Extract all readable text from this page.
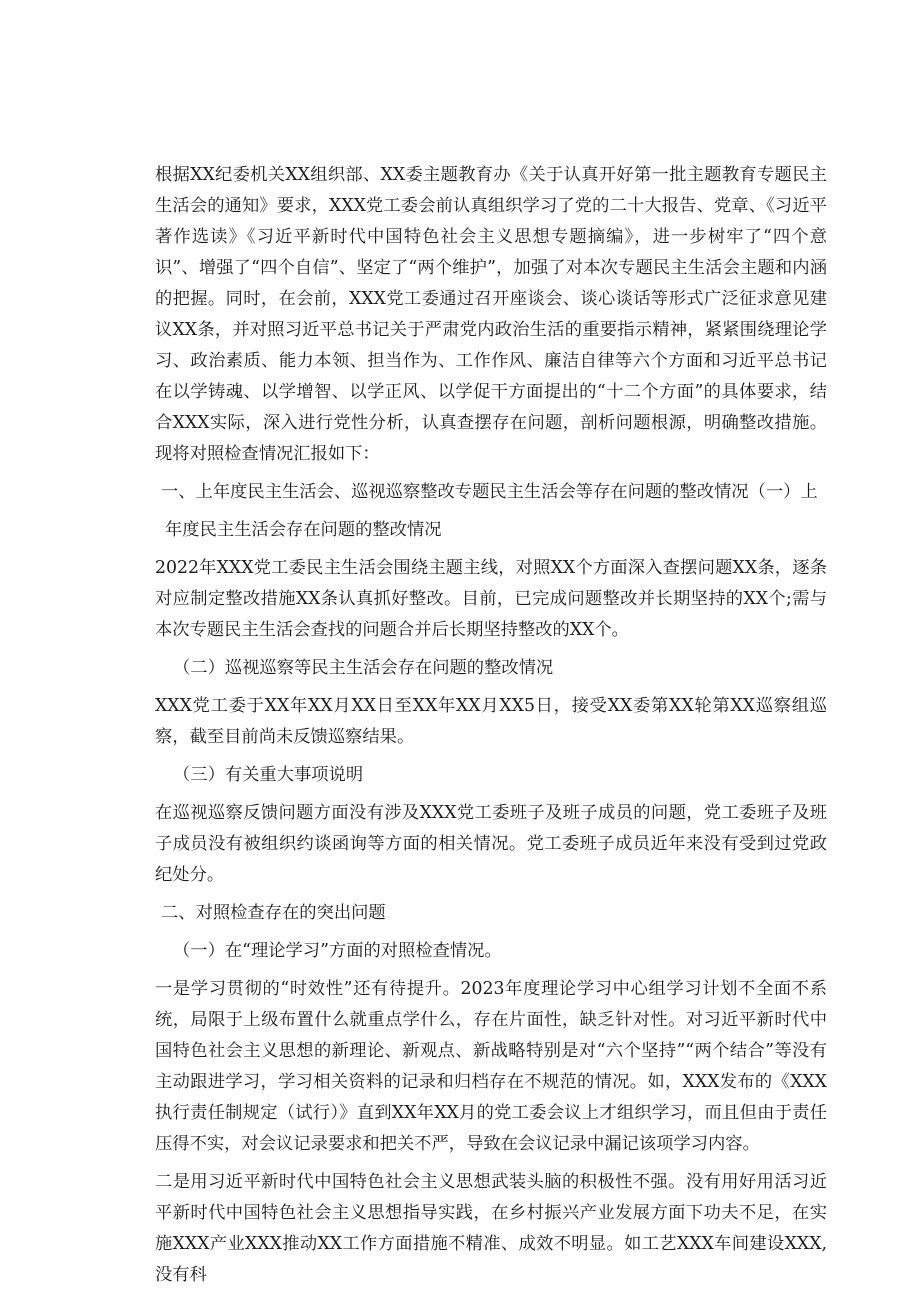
根据XX纪委机关XX组织部、XX委主题教育办《关于认真开好第一批主题教育专题民主生活会的通知》要求，XXX党工委会前认真组织学习了党的二十大报告、党章、《习近平著作选读》《习近平新时代中国特色社会主义思想专题摘编》，进一步树牢了“四个意识”、增强了“四个自信”、坚定了“两个维护”，加强了对本次专题民主生活会主题和内涵的把握。同时，在会前，XXX党工委通过召开座谈会、谈心谈话等形式广泛征求意见建议XX条，并对照习近平总书记关于严肃党内政治生活的重要指示精神，紧紧围绕理论学习、政治素质、能力本领、担当作为、工作作风、廉洁自律等六个方面和习近平总书记在以学铸魂、以学增智、以学正风、以学促干方面提出的“十二个方面”的具体要求，结合XXX实际，深入进行党性分析，认真查摆存在问题，剖析问题根源，明确整改措施。现将对照检查情况汇报如下：

一、上年度民主生活会、巡视巡察整改专题民主生活会等存在问题的整改情况（一）上

年度民主生活会存在问题的整改情况

2022年XXX党工委民主生活会围绕主题主线，对照XX个方面深入查摆问题XX条，逐条对应制定整改措施XX条认真抓好整改。目前，已完成问题整改并长期坚持的XX个;需与本次专题民主生活会查找的问题合并后长期坚持整改的XX个。

（二）巡视巡察等民主生活会存在问题的整改情况

XXX党工委于XX年XX月XX日至XX年XX月XX5日，接受XX委第XX轮第XX巡察组巡察，截至目前尚未反馈巡察结果。

（三）有关重大事项说明

在巡视巡察反馈问题方面没有涉及XXX党工委班子及班子成员的问题，党工委班子及班子成员没有被组织约谈函询等方面的相关情况。党工委班子成员近年来没有受到过党政纪处分。

二、对照检查存在的突出问题

（一）在“理论学习”方面的对照检查情况。

一是学习贯彻的“时效性”还有待提升。2023年度理论学习中心组学习计划不全面不系统，局限于上级布置什么就重点学什么，存在片面性，缺乏针对性。对习近平新时代中国特色社会主义思想的新理论、新观点、新战略特别是对“六个坚持”“两个结合”等没有主动跟进学习，学习相关资料的记录和归档存在不规范的情况。如，XXX发布的《XXX执行责任制规定（试行）》直到XX年XX月的党工委会议上才组织学习，而且但由于责任压得不实，对会议记录要求和把关不严，导致在会议记录中漏记该项学习内容。

二是用习近平新时代中国特色社会主义思想武装头脑的积极性不强。没有用好用活习近平新时代中国特色社会主义思想指导实践，在乡村振兴产业发展方面下功夫不足，在实施XXX产业XXX推动XX工作方面措施不精准、成效不明显。如工艺XXX车间建设XXX,没有科
